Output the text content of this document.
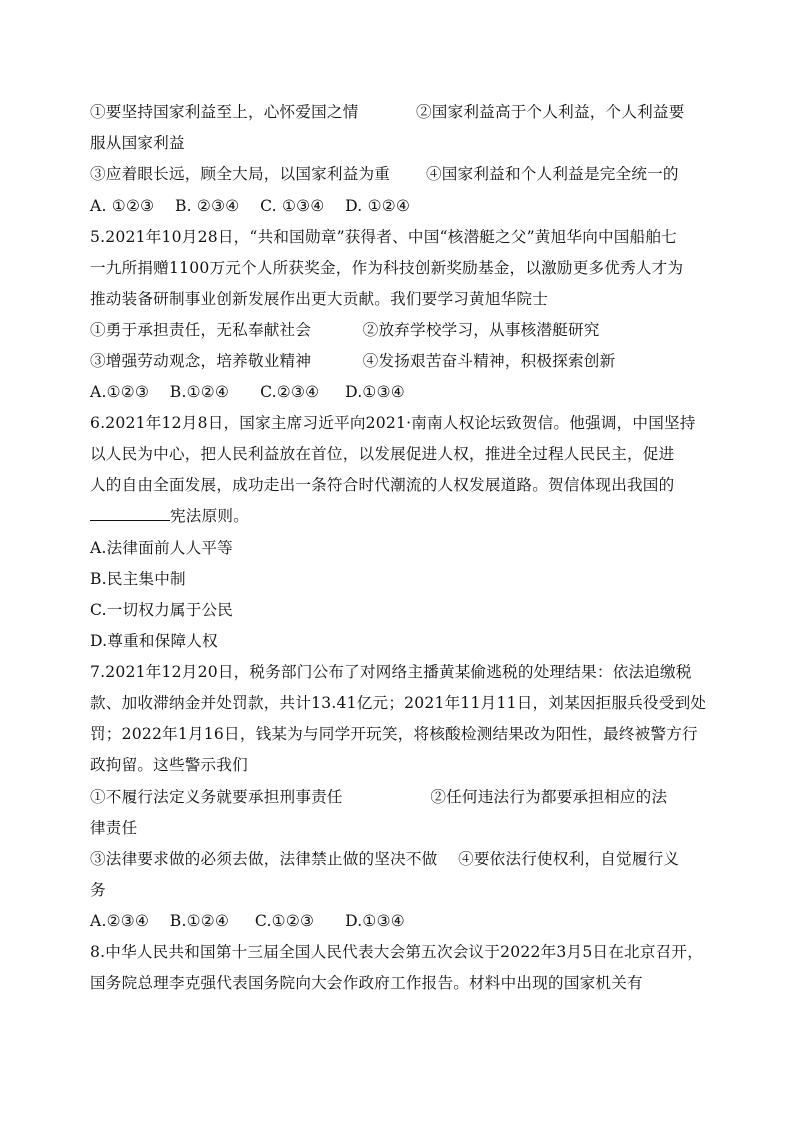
①要坚持国家利益至上，心怀爱国之情	②国家利益高于个人利益，个人利益要
服从国家利益
③应着眼长远，顾全大局，以国家利益为重 ④国家利益和个人利益是完全统一的
A. ①②③    B. ②③④    C. ①③④    D. ①②④
5.2021年10月28日，“共和国勋章”获得者、中国“核潜艇之父”黄旭华向中国船舶七
一九所捐赠1100万元个人所获奖金，作为科技创新奖励基金，以激励更多优秀人才为
推动装备研制事业创新发展作出更大贡献。我们要学习黄旭华院士
①勇于承担责任，无私奉献社会          ②放弃学校学习，从事核潜艇研究
③增强劳动观念，培养敬业精神          ④发扬艰苦奋斗精神，积极探索创新
A.①②③    B.①②④      C.②③④     D.①③④
6.2021年12月8日，国家主席习近平向2021·南南人权论坛致贺信。他强调，中国坚持
以人民为中心，把人民利益放在首位，以发展促进人权，推进全过程人民民主，促进
人的自由全面发展，成功走出一条符合时代潮流的人权发展道路。贺信体现出我国的
宪法原则。
A.法律面前人人平等
B.民主集中制
C.一切权力属于公民
D.尊重和保障人权
7.2021年12月20日，税务部门公布了对网络主播黄某偷逃税的处理结果：依法追缴税
款、加收滞纳金并处罚款，共计13.41亿元；2021年11月11日，刘某因拒服兵役受到处
罚；2022年1月16日，钱某为与同学开玩笑，将核酸检测结果改为阳性，最终被警方行
政拘留。这些警示我们
①不履行法定义务就要承担刑事责任                 ②任何违法行为都要承担相应的法
律责任
③法律要求做的必须去做，法律禁止做的坚决不做    ④要依法行使权利，自觉履行义
务
A.②③④    B.①②④     C.①②③      D.①③④
8.中华人民共和国第十三届全国人民代表大会第五次会议于2022年3月5日在北京召开，
国务院总理李克强代表国务院向大会作政府工作报告。材料中出现的国家机关有
